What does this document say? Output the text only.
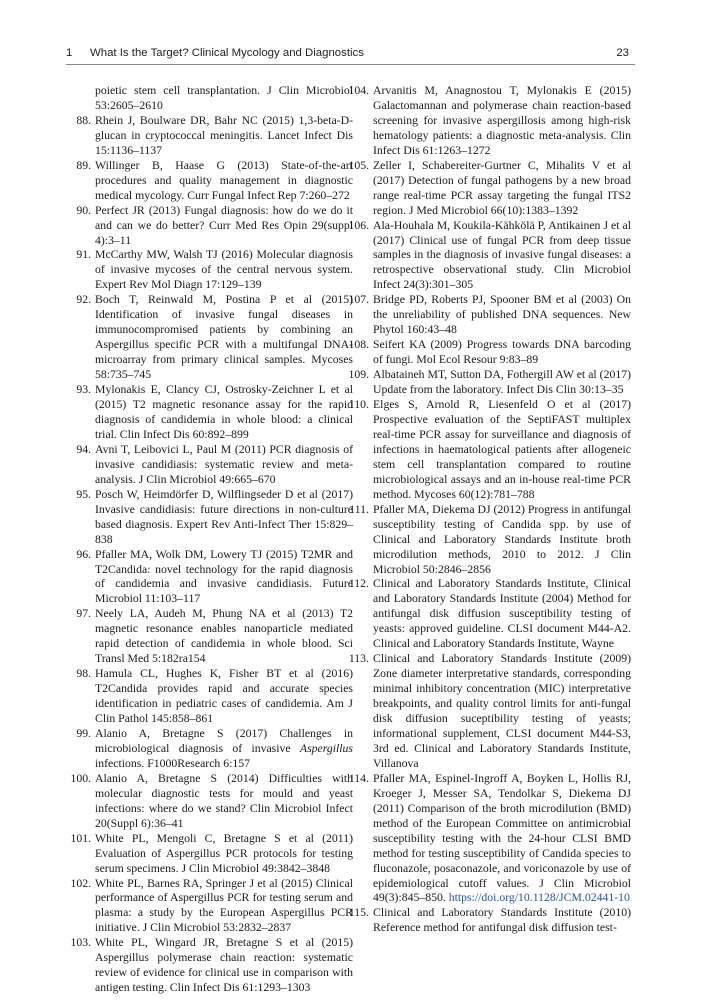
1 What Is the Target? Clinical Mycology and Diagnostics	23
poietic stem cell transplantation. J Clin Microbiol 53:2605–2610
88. Rhein J, Boulware DR, Bahr NC (2015) 1,3-beta-D-glucan in cryptococcal meningitis. Lancet Infect Dis 15:1136–1137
89. Willinger B, Haase G (2013) State-of-the-art procedures and quality management in diagnostic medical mycology. Curr Fungal Infect Rep 7:260–272
90. Perfect JR (2013) Fungal diagnosis: how do we do it and can we do better? Curr Med Res Opin 29(suppl 4):3–11
91. McCarthy MW, Walsh TJ (2016) Molecular diagnosis of invasive mycoses of the central nervous system. Expert Rev Mol Diagn 17:129–139
92. Boch T, Reinwald M, Postina P et al (2015) Identification of invasive fungal diseases in immunocompromised patients by combining an Aspergillus specific PCR with a multifungal DNA-microarray from primary clinical samples. Mycoses 58:735–745
93. Mylonakis E, Clancy CJ, Ostrosky-Zeichner L et al (2015) T2 magnetic resonance assay for the rapid diagnosis of candidemia in whole blood: a clinical trial. Clin Infect Dis 60:892–899
94. Avni T, Leibovici L, Paul M (2011) PCR diagnosis of invasive candidiasis: systematic review and meta-analysis. J Clin Microbiol 49:665–670
95. Posch W, Heimdörfer D, Wilflingseder D et al (2017) Invasive candidiasis: future directions in non-culture based diagnosis. Expert Rev Anti-Infect Ther 15:829–838
96. Pfaller MA, Wolk DM, Lowery TJ (2015) T2MR and T2Candida: novel technology for the rapid diagnosis of candidemia and invasive candidiasis. Future Microbiol 11:103–117
97. Neely LA, Audeh M, Phung NA et al (2013) T2 magnetic resonance enables nanoparticle mediated rapid detection of candidemia in whole blood. Sci Transl Med 5:182ra154
98. Hamula CL, Hughes K, Fisher BT et al (2016) T2Candida provides rapid and accurate species identification in pediatric cases of candidemia. Am J Clin Pathol 145:858–861
99. Alanio A, Bretagne S (2017) Challenges in microbiological diagnosis of invasive Aspergillus infections. F1000Research 6:157
100. Alanio A, Bretagne S (2014) Difficulties with molecular diagnostic tests for mould and yeast infections: where do we stand? Clin Microbiol Infect 20(Suppl 6):36–41
101. White PL, Mengoli C, Bretagne S et al (2011) Evaluation of Aspergillus PCR protocols for testing serum specimens. J Clin Microbiol 49:3842–3848
102. White PL, Barnes RA, Springer J et al (2015) Clinical performance of Aspergillus PCR for testing serum and plasma: a study by the European Aspergillus PCR initiative. J Clin Microbiol 53:2832–2837
103. White PL, Wingard JR, Bretagne S et al (2015) Aspergillus polymerase chain reaction: systematic review of evidence for clinical use in comparison with antigen testing. Clin Infect Dis 61:1293–1303
104. Arvanitis M, Anagnostou T, Mylonakis E (2015) Galactomannan and polymerase chain reaction-based screening for invasive aspergillosis among high-risk hematology patients: a diagnostic meta-analysis. Clin Infect Dis 61:1263–1272
105. Zeller I, Schabereiter-Gurtner C, Mihalits V et al (2017) Detection of fungal pathogens by a new broad range real-time PCR assay targeting the fungal ITS2 region. J Med Microbiol 66(10):1383–1392
106. Ala-Houhala M, Koukila-Kähkölä P, Antikainen J et al (2017) Clinical use of fungal PCR from deep tissue samples in the diagnosis of invasive fungal diseases: a retrospective observational study. Clin Microbiol Infect 24(3):301–305
107. Bridge PD, Roberts PJ, Spooner BM et al (2003) On the unreliability of published DNA sequences. New Phytol 160:43–48
108. Seifert KA (2009) Progress towards DNA barcoding of fungi. Mol Ecol Resour 9:83–89
109. Albataineh MT, Sutton DA, Fothergill AW et al (2017) Update from the laboratory. Infect Dis Clin 30:13–35
110. Elges S, Arnold R, Liesenfeld O et al (2017) Prospective evaluation of the SeptiFAST multiplex real-time PCR assay for surveillance and diagnosis of infections in haematological patients after allogeneic stem cell transplantation compared to routine microbiological assays and an in-house real-time PCR method. Mycoses 60(12):781–788
111. Pfaller MA, Diekema DJ (2012) Progress in antifungal susceptibility testing of Candida spp. by use of Clinical and Laboratory Standards Institute broth microdilution methods, 2010 to 2012. J Clin Microbiol 50:2846–2856
112. Clinical and Laboratory Standards Institute, Clinical and Laboratory Standards Institute (2004) Method for antifungal disk diffusion susceptibility testing of yeasts: approved guideline. CLSI document M44-A2. Clinical and Laboratory Standards Institute, Wayne
113. Clinical and Laboratory Standards Institute (2009) Zone diameter interpretative standards, corresponding minimal inhibitory concentration (MIC) interpretative breakpoints, and quality control limits for anti-fungal disk diffusion suceptibility testing of yeasts; informational supplement, CLSI document M44-S3, 3rd ed. Clinical and Laboratory Standards Institute, Villanova
114. Pfaller MA, Espinel-Ingroff A, Boyken L, Hollis RJ, Kroeger J, Messer SA, Tendolkar S, Diekema DJ (2011) Comparison of the broth microdilution (BMD) method of the European Committee on antimicrobial susceptibility testing with the 24-hour CLSI BMD method for testing susceptibility of Candida species to fluconazole, posaconazole, and voriconazole by use of epidemiological cutoff values. J Clin Microbiol 49(3):845–850. https://doi.org/10.1128/JCM.02441-10
115. Clinical and Laboratory Standards Institute (2010) Reference method for antifungal disk diffusion test-
